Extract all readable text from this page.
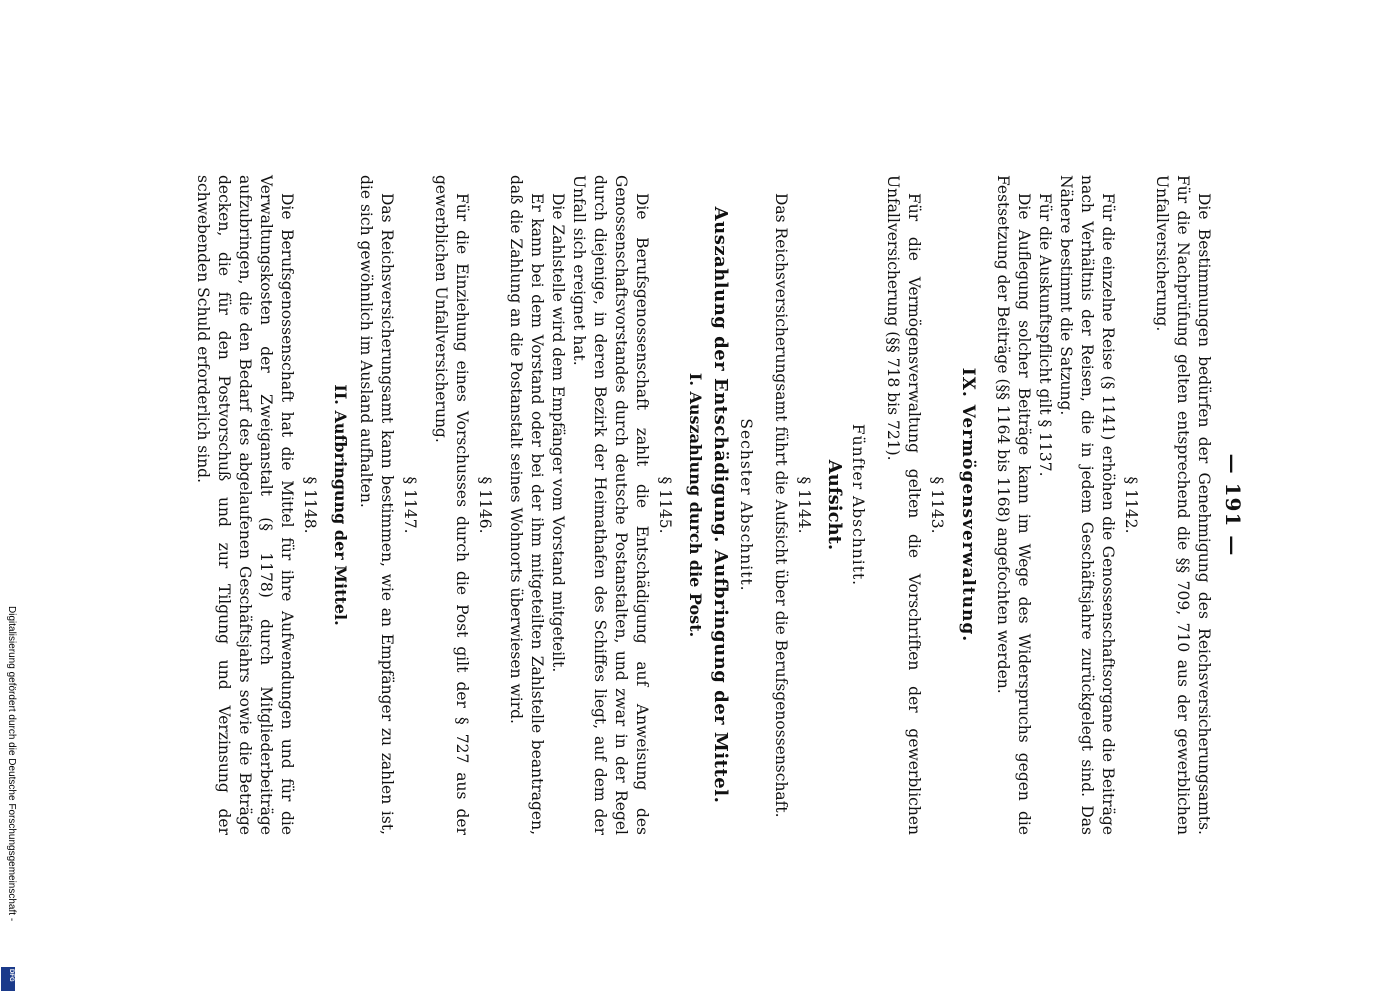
— 191 —

Die Bestimmungen bedürfen der Genehmigung des Reichsversicherungsamts. Für die Nachprüfung gelten entsprechend die §§ 709, 710 aus der gewerblichen Unfallversicherung.

§ 1142.

Für die einzelne Reise (§ 1141) erhöhen die Genossenschaftsorgane die Beiträge nach Verhältnis der Reisen, die in jedem Geschäftsjahre zurückgelegt sind. Das Nähere bestimmt die Satzung.

Für die Auskunftspflicht gilt § 1137.

Die Auflegung solcher Beiträge kann im Wege des Widerspruchs gegen die Festsetzung der Beiträge (§§ 1164 bis 1168) angefochten werden.

IX. Vermögensverwaltung.
§ 1143.

Für die Vermögensverwaltung gelten die Vorschriften der gewerblichen Unfallversicherung (§§ 718 bis 721).

Fünfter Abschnitt.
Aufsicht.
§ 1144.

Das Reichsversicherungsamt führt die Aufsicht über die Berufsgenossenschaft.

Sechster Abschnitt.
Auszahlung der Entschädigung. Aufbringung der Mittel.
I. Auszahlung durch die Post.
§ 1145.

Die Berufsgenossenschaft zahlt die Entschädigung auf Anweisung des Genossenschaftsvorstandes durch deutsche Postanstalten, und zwar in der Regel durch diejenige, in deren Bezirk der Heimathafen des Schiffes liegt, auf dem der Unfall sich ereignet hat.

Die Zahlstelle wird dem Empfänger vom Vorstand mitgeteilt.

Er kann bei dem Vorstand oder bei der ihm mitgeteilten Zahlstelle beantragen, daß die Zahlung an die Postanstalt seines Wohnorts überwiesen wird.

§ 1146.

Für die Einziehung eines Vorschusses durch die Post gilt der § 727 aus der gewerblichen Unfallversicherung.

§ 1147.

Das Reichsversicherungsamt kann bestimmen, wie an Empfänger zu zahlen ist, die sich gewöhnlich im Ausland aufhalten.

II. Aufbringung der Mittel.
§ 1148.

Die Berufsgenossenschaft hat die Mittel für ihre Aufwendungen und für die Verwaltungskosten der Zweiganstalt (§ 1178) durch Mitgliederbeiträge aufzubringen, die den Bedarf des abgelaufenen Geschäftsjahrs sowie die Beträge decken, die für den Postvorschuß und zur Tilgung und Verzinsung der schwebenden Schuld erforderlich sind.

Digitalisierung gefördert durch die Deutsche Forschungsgemeinschaft -
DFG
